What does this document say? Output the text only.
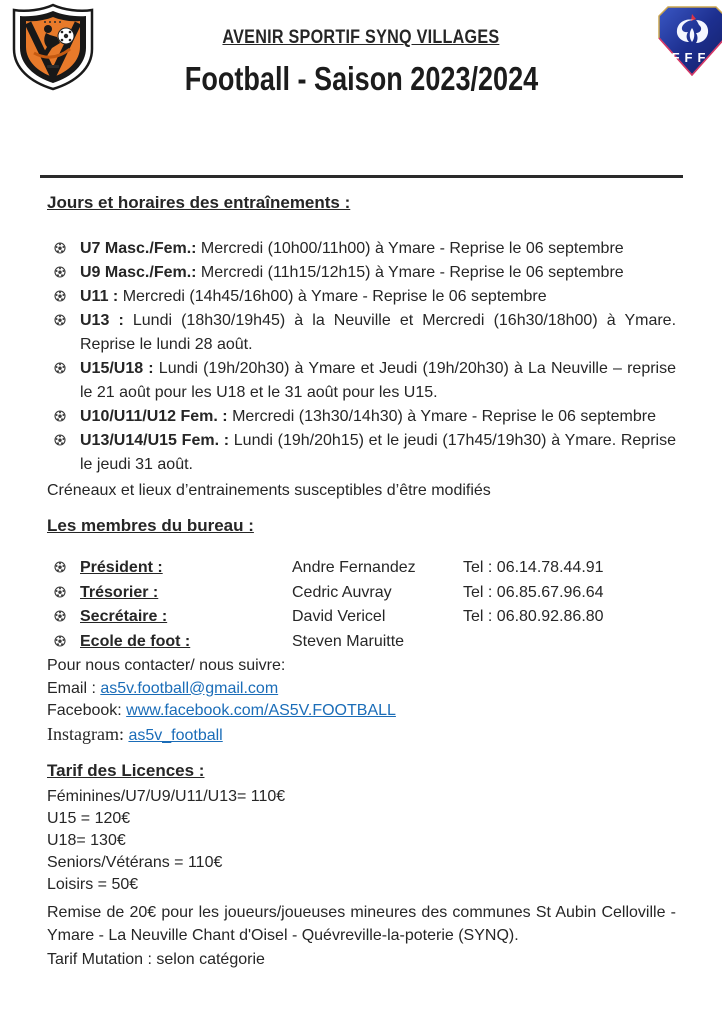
AVENIR SPORTIF SYNQ VILLAGES
Football - Saison 2023/2024
FFF
Jours et horaires des entraînements :
U7 Masc./Fem.: Mercredi (10h00/11h00) à Ymare - Reprise le 06 septembre
U9 Masc./Fem.: Mercredi (11h15/12h15) à Ymare - Reprise le 06 septembre
U11 : Mercredi (14h45/16h00) à Ymare - Reprise le 06 septembre
U13 : Lundi (18h30/19h45) à la Neuville et Mercredi (16h30/18h00) à Ymare. Reprise le lundi 28 août.
U15/U18 : Lundi (19h/20h30) à Ymare et Jeudi (19h/20h30) à La Neuville – reprise le 21 août pour les U18 et le 31 août pour les U15.
U10/U11/U12 Fem. : Mercredi (13h30/14h30) à Ymare - Reprise le 06 septembre
U13/U14/U15 Fem. : Lundi (19h/20h15) et le jeudi (17h45/19h30) à Ymare. Reprise le jeudi 31 août.

Créneaux et lieux d’entrainements susceptibles d’être modifiés

Les membres du bureau :
Président :	Andre Fernandez	Tel : 06.14.78.44.91
Trésorier :	Cedric Auvray	Tel : 06.85.67.96.64
Secrétaire :	David Vericel	Tel : 06.80.92.86.80
Ecole de foot :	Steven Maruitte
Pour nous contacter/ nous suivre:
Email : as5v.football@gmail.com
Facebook: www.facebook.com/AS5V.FOOTBALL
Instagram: as5v_football
Tarif des Licences :
Féminines/U7/U9/U11/U13= 110€
U15 = 120€
U18= 130€
Seniors/Vétérans = 110€
Loisirs = 50€

Remise de 20€ pour les joueurs/joueuses mineures des communes St Aubin Celloville - Ymare - La Neuville Chant d'Oisel - Quévreville-la-poterie (SYNQ).

Tarif Mutation : selon catégorie
